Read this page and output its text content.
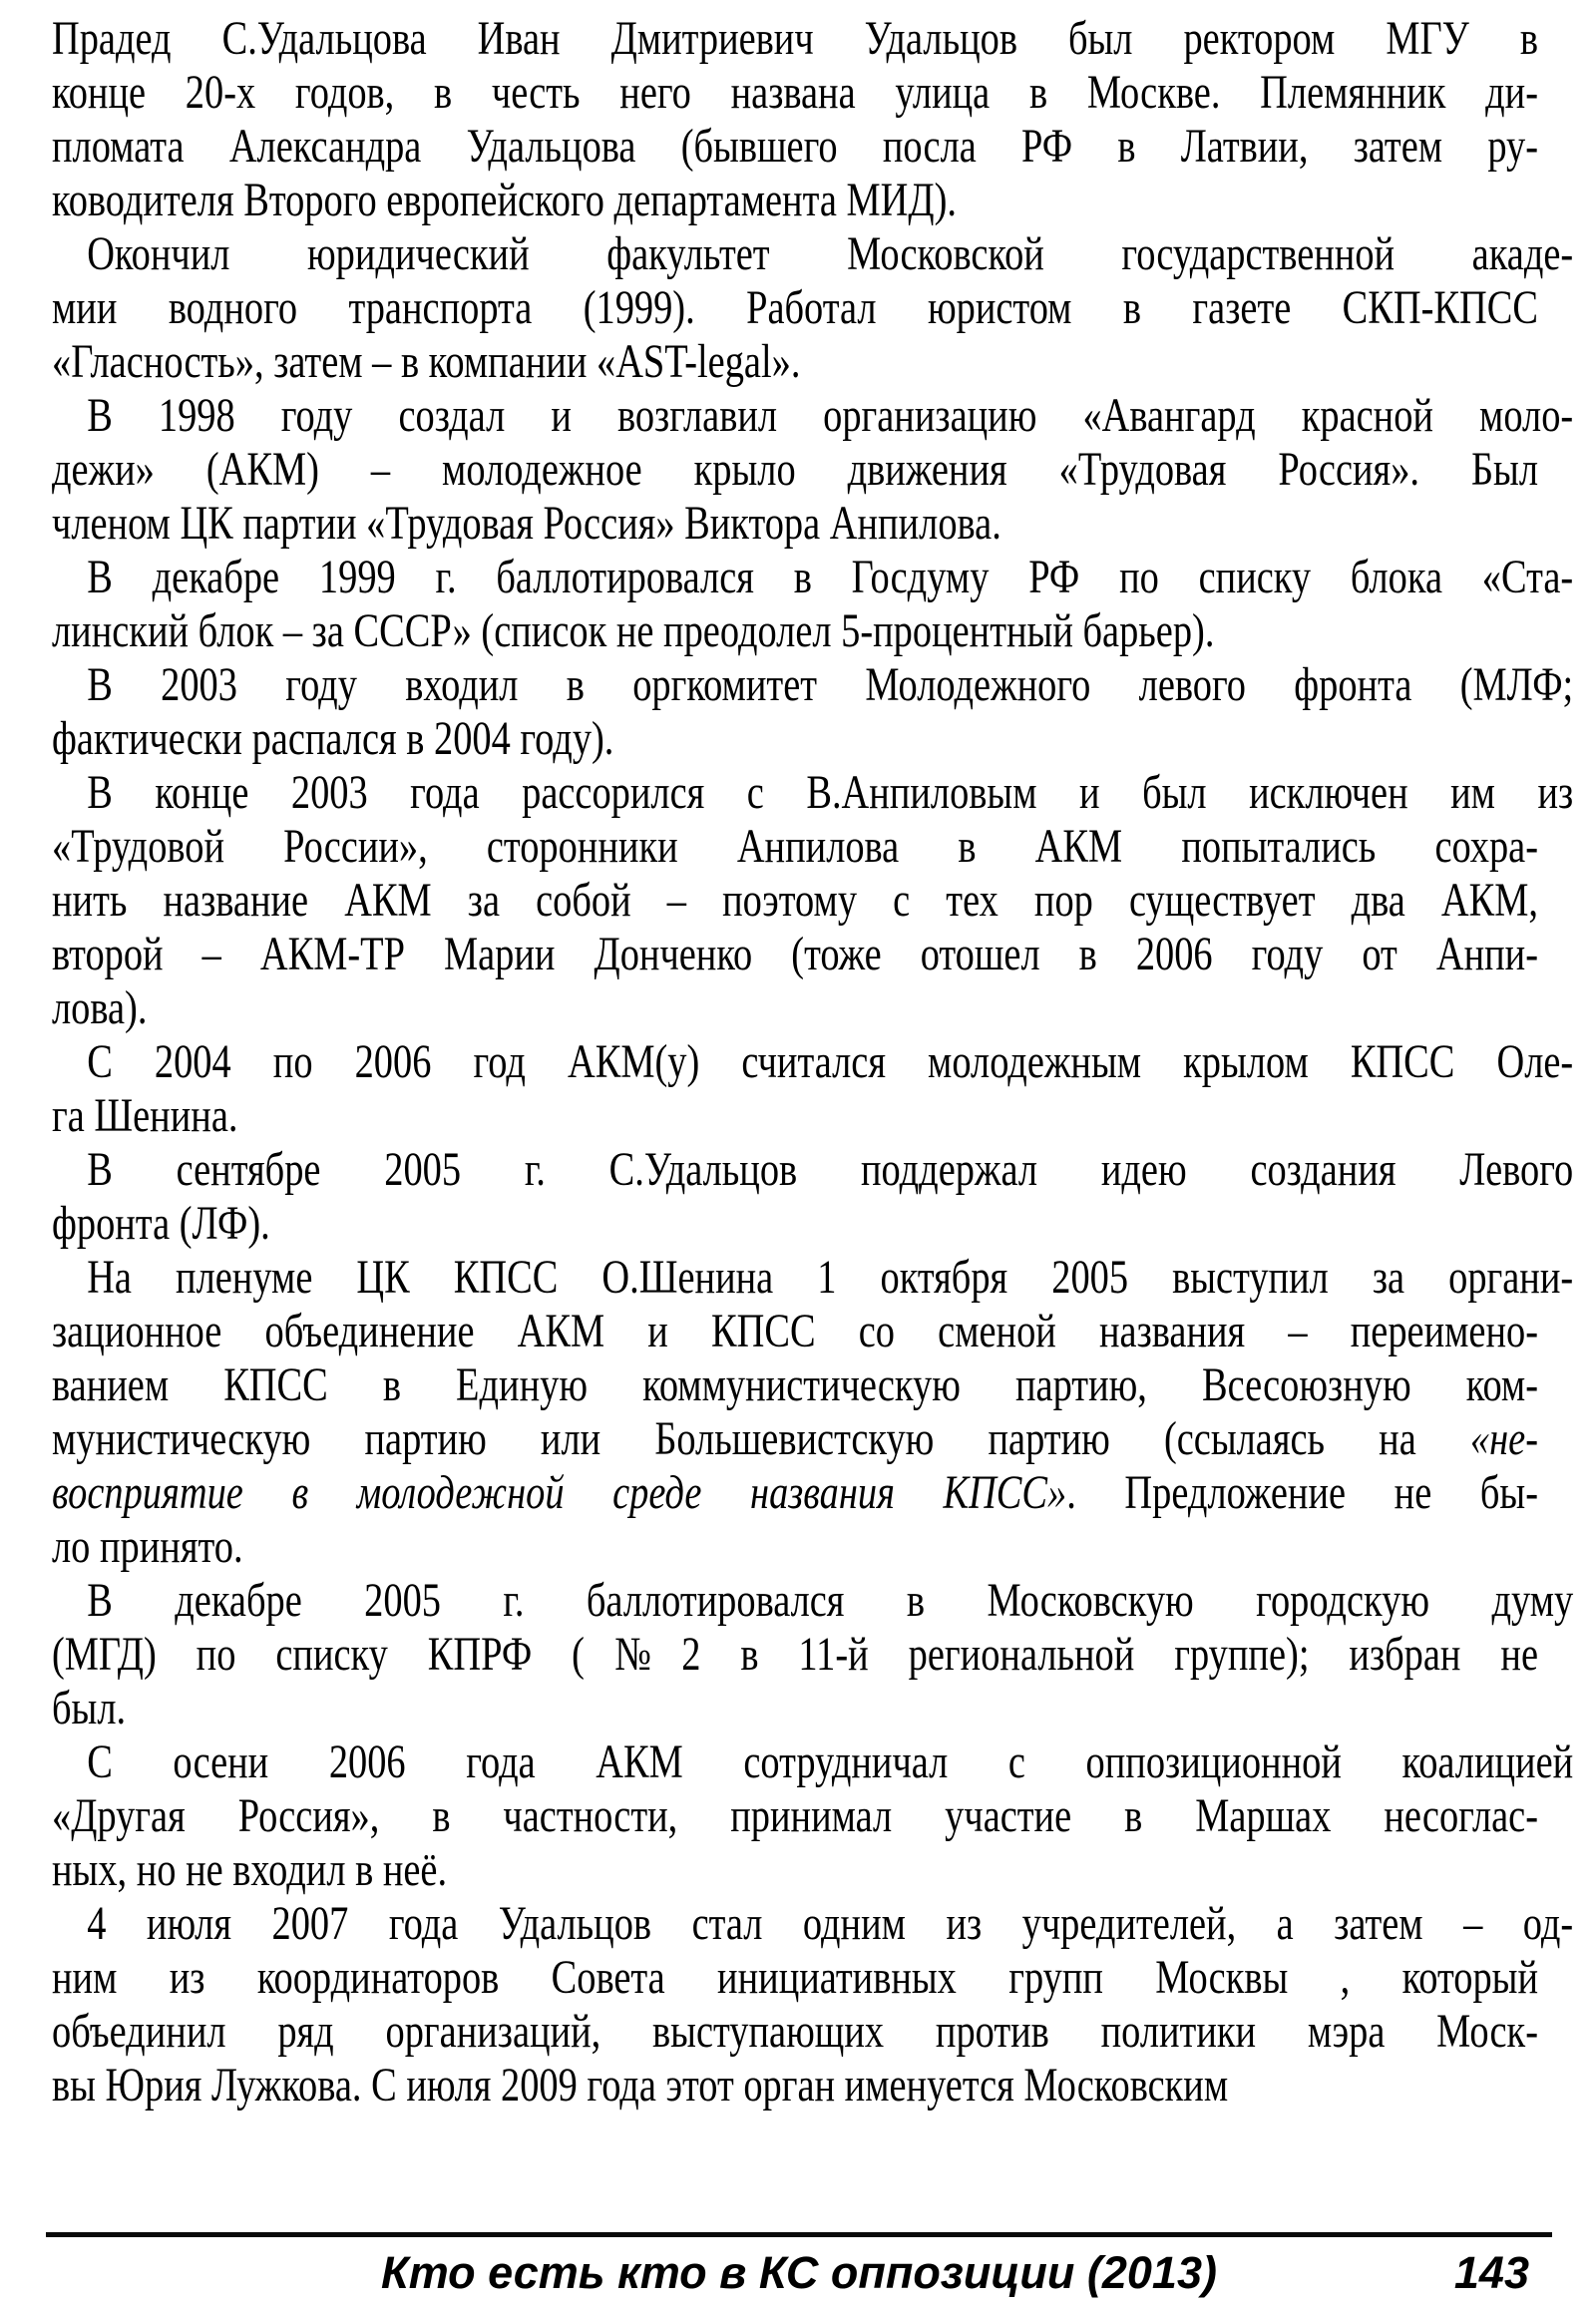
Прадед С.Удальцова Иван Дмитриевич Удальцов был ректором МГУ в
конце 20-х годов, в честь него названа улица в Москве. Племянник ди-
пломата Александра Удальцова (бывшего посла РФ в Латвии, затем ру-
ководителя Второго европейского департамента МИД).
Окончил юридический факультет Московской государственной акаде-
мии водного транспорта (1999). Работал юристом в газете СКП-КПСС
«Гласность», затем – в компании «AST-legal».
В 1998 году создал и возглавил организацию «Авангард красной моло-
дежи» (АКМ) – молодежное крыло движения «Трудовая Россия». Был
членом ЦК партии «Трудовая Россия» Виктора Анпилова.
В декабре 1999 г. баллотировался в Госдуму РФ по списку блока «Ста-
линский блок – за СССР» (список не преодолел 5-процентный барьер).
В 2003 году входил в оргкомитет Молодежного левого фронта (МЛФ;
фактически распался в 2004 году).
В конце 2003 года рассорился с В.Анпиловым и был исключен им из
«Трудовой России», сторонники Анпилова в АКМ попытались сохра-
нить название АКМ за собой – поэтому с тех пор существует два АКМ,
второй – АКМ-ТР Марии Донченко (тоже отошел в 2006 году от Анпи-
лова).
С 2004 по 2006 год АКМ(у) считался молодежным крылом КПСС Оле-
га Шенина.
В сентябре 2005 г. С.Удальцов поддержал идею создания Левого
фронта (ЛФ).
На пленуме ЦК КПСС О.Шенина 1 октября 2005 выступил за органи-
зационное объединение АКМ и КПСС со сменой названия – переимено-
ванием КПСС в Единую коммунистическую партию, Всесоюзную ком-
мунистическую партию или Большевистскую партию (ссылаясь на «не-
восприятие в молодежной среде названия КПСС». Предложение не бы-
ло принято.
В декабре 2005 г. баллотировался в Московскую городскую думу
(МГД) по списку КПРФ (№2 в 11-й региональной группе); избран не
был.
С осени 2006 года АКМ сотрудничал с оппозиционной коалицией
«Другая Россия», в частности, принимал участие в Маршах несоглас-
ных, но не входил в неё.
4 июля 2007 года Удальцов стал одним из учредителей, а затем – од-
ним из координаторов Совета инициативных групп Москвы , который
объединил ряд организаций, выступающих против политики мэра Моск-
вы Юрия Лужкова. С июля 2009 года этот орган именуется Московским
Кто есть кто в КС оппозиции (2013)	143
